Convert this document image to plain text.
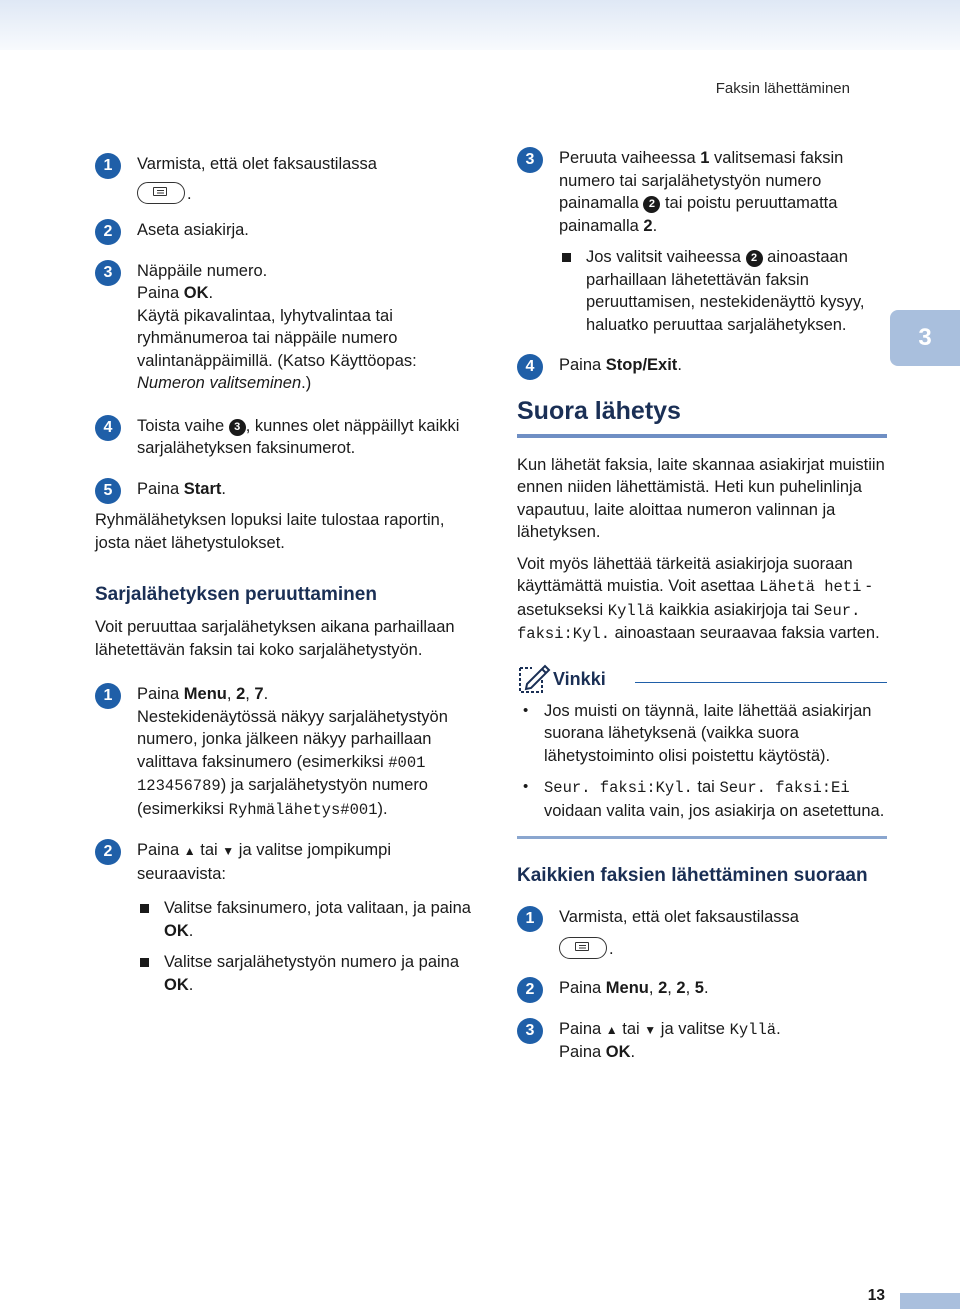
Faksin lähettäminen
3
1	Varmista, että olet faksaustilassa

.

2	Aseta asiakirja.

3	Näppäile numero.

Paina OK.

Käytä pikavalintaa, lyhytvalintaa tai ryhmänumeroa tai näppäile numero valintanäppäimillä. (Katso Käyttöopas: Numeron valitseminen.)

4	Toista vaihe 3 , kunnes olet näppäillyt kaikki sarjalähetyksen faksinumerot.

5	Paina Start.

Ryhmälähetyksen lopuksi laite tulostaa raportin, josta näet lähetystulokset.

Sarjalähetyksen peruuttaminen

Voit peruuttaa sarjalähetyksen aikana parhaillaan lähetettävän faksin tai koko sarjalähetystyön.

1	Paina Menu, 2, 7.

Nestekidenäytössä näkyy sarjalähetystyön numero, jonka jälkeen näkyy parhaillaan valittava faksinumero (esimerkiksi #001 123456789) ja sarjalähetystyön numero (esimerkiksi Ryhmälähetys#001).

2	Paina ▲ tai ▼ ja valitse jompikumpi seuraavista:

Valitse faksinumero, jota valitaan, ja paina OK.
Valitse sarjalähetystyön numero ja paina OK.
3	Peruuta vaiheessa 1 valitsemasi faksin numero tai sarjalähetystyön numero painamalla 2 tai poistu peruuttamatta painamalla 2.

Jos valitsit vaiheessa 2 ainoastaan parhaillaan lähetettävän faksin peruuttamisen, nestekidenäyttö kysyy, haluatko peruuttaa sarjalähetyksen.
4	Paina Stop/Exit.

Suora lähetys

Kun lähetät faksia, laite skannaa asiakirjat muistiin ennen niiden lähettämistä. Heti kun puhelinlinja vapautuu, laite aloittaa numeron valinnan ja lähetyksen.

Voit myös lähettää tärkeitä asiakirjoja suoraan käyttämättä muistia. Voit asettaa Lähetä heti -asetukseksi Kyllä kaikkia asiakirjoja tai Seur. faksi:Kyl. ainoastaan seuraavaa faksia varten.

Vinkki
• Jos muisti on täynnä, laite lähettää asiakirjan suorana lähetyksenä (vaikka suora lähetystoiminto olisi poistettu käytöstä).
• Seur. faksi:Kyl. tai Seur. faksi:Ei voidaan valita vain, jos asiakirja on asetettuna.

Kaikkien faksien lähettäminen suoraan

1	Varmista, että olet faksaustilassa

.

2	Paina Menu, 2, 2, 5.

3	Paina ▲ tai ▼ ja valitse Kyllä.

Paina OK.

13
